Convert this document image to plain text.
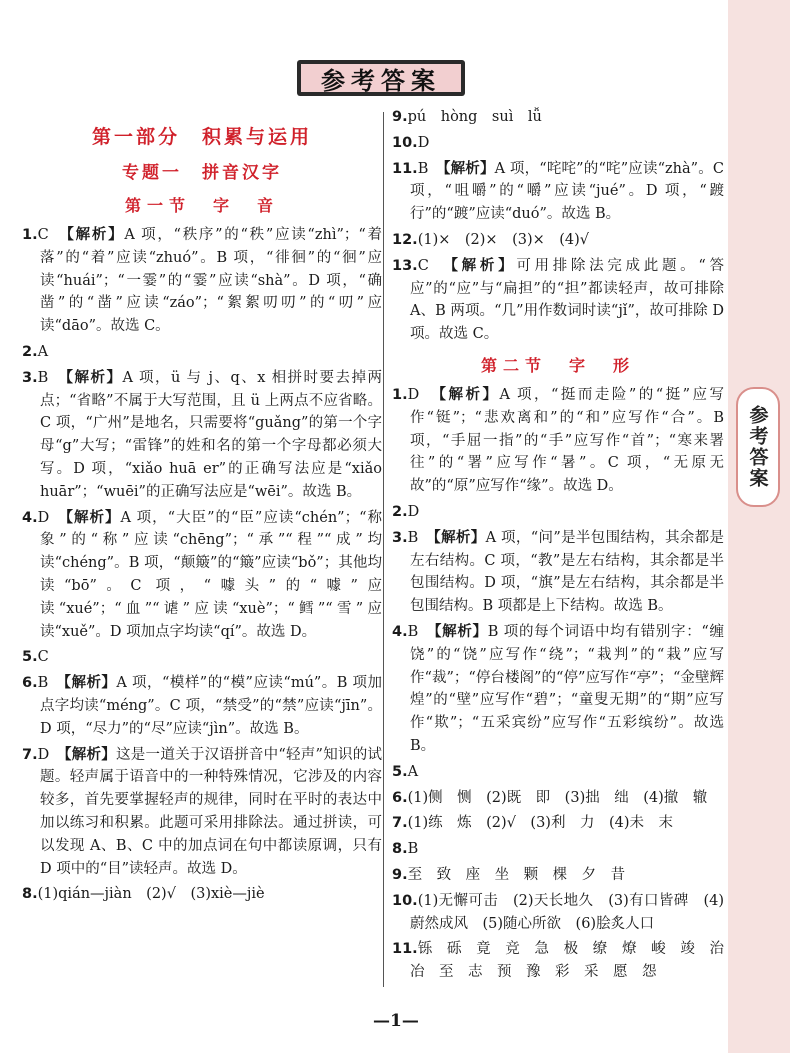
参考答案
参考答案
第一部分　积累与运用
专题一　拼音汉字
第一节　字　音
1.C　 【解析】A 项，“秩序”的“秩”应读“zhì”；“着落”的“着”应读“zhuó”。B 项，“徘徊”的“徊”应读“huái”；“一霎”的“霎”应读“shà”。D 项，“确凿”的“凿”应读“záo”；“絮絮叨叨”的“叨”应读“dāo”。故选 C。
2.A
3.B　 【解析】A 项，ü 与 j、q、x 相拼时要去掉两点；“省略”不属于大写范围，且 ü 上两点不应省略。C 项，“广州”是地名，只需要将“guǎng”的第一个字母“g”大写；“雷锋”的姓和名的第一个字母都必须大写。D 项，“xiǎo huā er”的正确写法应是“xiǎo huār”；“wuēi”的正确写法应是“wēi”。故选 B。
4.D　 【解析】A 项，“大臣”的“臣”应读“chén”；“称象”的“称”应读“chēng”；“承”“程”“成”均读“chéng”。B 项，“颠簸”的“簸”应读“bǒ”；其他均读“bō”。C 项，“噱头”的“噱”应读“xué”；“血”“谑”应读“xuè”；“鳕”“雪”应读“xuě”。D 项加点字均读“qí”。故选 D。
5.C
6.B　 【解析】A 项，“模样”的“模”应读“mú”。B 项加点字均读“méng”。C 项，“禁受”的“禁”应读“jīn”。D 项，“尽力”的“尽”应读“jìn”。故选 B。
7.D　 【解析】这是一道关于汉语拼音中“轻声”知识的试题。轻声属于语音中的一种特殊情况，它涉及的内容较多，首先要掌握轻声的规律，同时在平时的表达中加以练习和积累。此题可采用排除法。通过拼读，可以发现 A、B、C 中的加点词在句中都读原调，只有 D 项中的“目”读轻声。故选 D。
8.(1)qián—jiàn　(2)√　(3)xiè—jiè
9.pú　hòng　suì　lǚ
10.D
11.B　 【解析】A 项，“咤咤”的“咤”应读“zhà”。C 项，“咀嚼”的“嚼”应读“jué”。D 项，“踱行”的“踱”应读“duó”。故选 B。
12.(1)×　(2)×　(3)×　(4)√
13.C　 【解析】可用排除法完成此题。“答应”的“应”与“扁担”的“担”都读轻声，故可排除 A、B 两项。“几”用作数词时读“jǐ”，故可排除 D 项。故选 C。
第二节　字　形
1.D　 【解析】A 项，“挺而走险”的“挺”应写作“铤”；“悲欢离和”的“和”应写作“合”。B 项，“手屈一指”的“手”应写作“首”；“寒来署往”的“署”应写作“暑”。C 项，“无原无故”的“原”应写作“缘”。故选 D。
2.D
3.B　 【解析】A 项，“问”是半包围结构，其余都是左右结构。C 项，“教”是左右结构，其余都是半包围结构。D 项，“旗”是左右结构，其余都是半包围结构。B 项都是上下结构。故选 B。
4.B　 【解析】B 项的每个词语中均有错别字：“缠饶”的“饶”应写作“绕”；“栽判”的“栽”应写作“裁”；“停台楼阁”的“停”应写作“亭”；“金壁辉煌”的“壁”应写作“碧”；“童叟无期”的“期”应写作“欺”；“五采宾纷”应写作“五彩缤纷”。故选 B。
5.A
6.(1)侧　恻　(2)既　即　(3)拙　绌　(4)撤　辙
7.(1)练　炼　(2)√　(3)利　力　(4)未　末
8.B
9.至　致　座　坐　颗　棵　夕　昔
10.(1)无懈可击　(2)天长地久　(3)有口皆碑　(4)蔚然成风　(5)随心所欲　(6)脍炙人口
11.铄　砾　竟　竞　急　极　缭　燎　峻　竣　治　冶　至　志　预　豫　彩　采　愿　怨
—1—
